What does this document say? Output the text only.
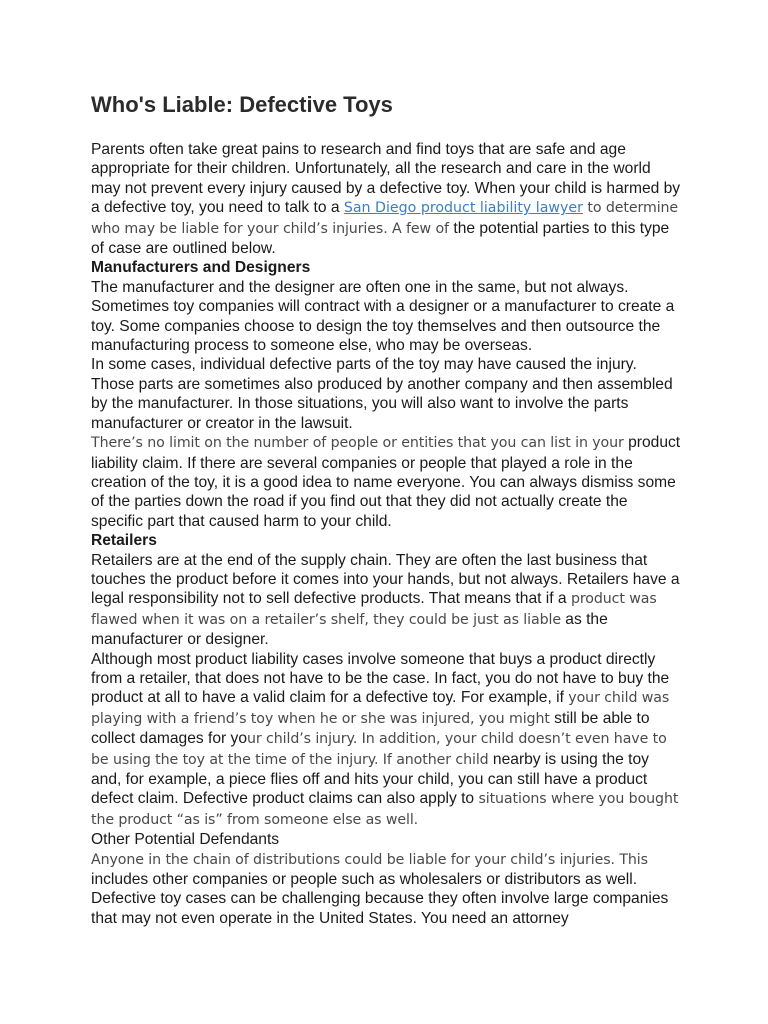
Who's Liable: Defective Toys

Parents often take great pains to research and find toys that are safe and age appropriate for their children. Unfortunately, all the research and care in the world may not prevent every injury caused by a defective toy. When your child is harmed by a defective toy, you need to talk to a San Diego product liability lawyer to determine who may be liable for your child’s injuries. A few of the potential parties to this type of case are outlined below.

Manufacturers and Designers

The manufacturer and the designer are often one in the same, but not always. Sometimes toy companies will contract with a designer or a manufacturer to create a toy. Some companies choose to design the toy themselves and then outsource the manufacturing process to someone else, who may be overseas.

In some cases, individual defective parts of the toy may have caused the injury. Those parts are sometimes also produced by another company and then assembled by the manufacturer. In those situations, you will also want to involve the parts manufacturer or creator in the lawsuit.

There’s no limit on the number of people or entities that you can list in your product liability claim. If there are several companies or people that played a role in the creation of the toy, it is a good idea to name everyone. You can always dismiss some of the parties down the road if you find out that they did not actually create the specific part that caused harm to your child.

Retailers

Retailers are at the end of the supply chain. They are often the last business that touches the product before it comes into your hands, but not always. Retailers have a legal responsibility not to sell defective products. That means that if a product was flawed when it was on a retailer’s shelf, they could be just as liable as the manufacturer or designer.

Although most product liability cases involve someone that buys a product directly from a retailer, that does not have to be the case. In fact, you do not have to buy the product at all to have a valid claim for a defective toy. For example, if your child was playing with a friend’s toy when he or she was injured, you might still be able to collect damages for your child’s injury. In addition, your child doesn’t even have to be using the toy at the time of the injury. If another child nearby is using the toy and, for example, a piece flies off and hits your child, you can still have a product defect claim. Defective product claims can also apply to situations where you bought the product “as is” from someone else as well.

Other Potential Defendants

Anyone in the chain of distributions could be liable for your child’s injuries. This includes other companies or people such as wholesalers or distributors as well. Defective toy cases can be challenging because they often involve large companies that may not even operate in the United States. You need an attorney
